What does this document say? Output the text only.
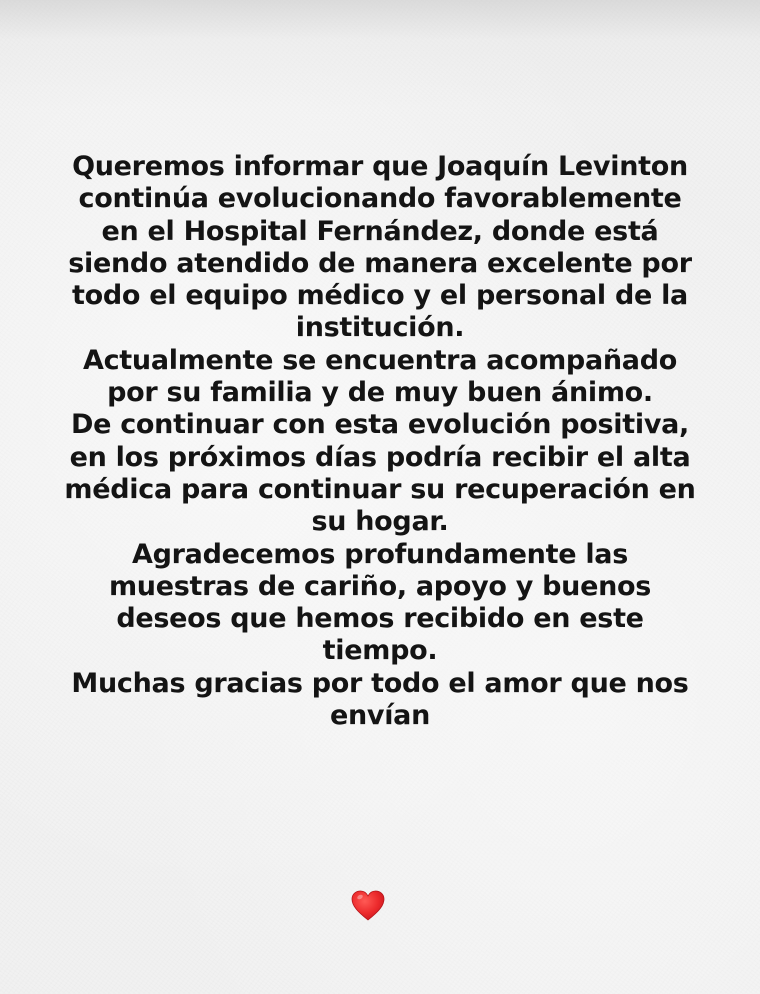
Queremos informar que Joaquín Levinton
continúa evolucionando favorablemente
en el Hospital Fernández, donde está
siendo atendido de manera excelente por
todo el equipo médico y el personal de la
institución.
Actualmente se encuentra acompañado
por su familia y de muy buen ánimo.
De continuar con esta evolución positiva,
en los próximos días podría recibir el alta
médica para continuar su recuperación en
su hogar.
Agradecemos profundamente las
muestras de cariño, apoyo y buenos
deseos que hemos recibido en este
tiempo.
Muchas gracias por todo el amor que nos
envían
